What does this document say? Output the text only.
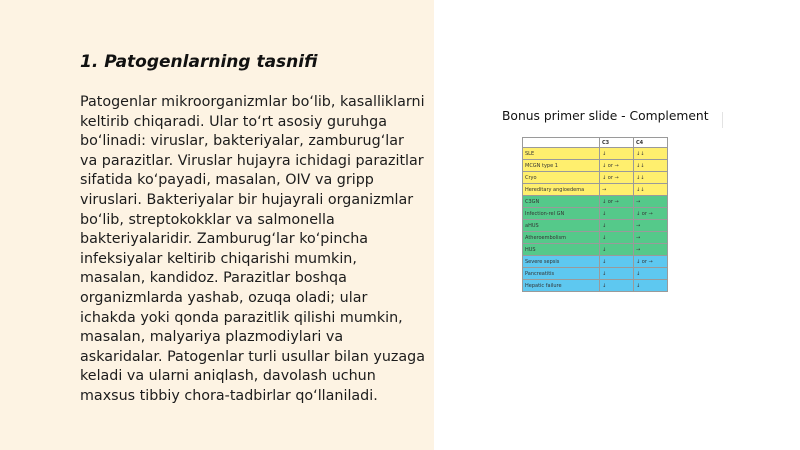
1. Patogenlarning tasnifi

Patogenlar mikroorganizmlar bo‘lib, kasalliklarni keltirib chiqaradi. Ular to‘rt asosiy guruhga bo‘linadi: viruslar, bakteriyalar, zamburug‘lar va parazitlar. Viruslar hujayra ichidagi parazitlar sifatida ko‘payadi, masalan, OIV va gripp viruslari. Bakteriyalar bir hujayrali organizmlar bo‘lib, streptokokklar va salmonella bakteriyalaridir. Zamburug‘lar ko‘pincha infeksiyalar keltirib chiqarishi mumkin, masalan, kandidoz. Parazitlar boshqa organizmlarda yashab, ozuqa oladi; ular ichakda yoki qonda parazitlik qilishi mumkin, masalan, malyariya plazmodiylari va askaridalar. Patogenlar turli usullar bilan yuzaga keladi va ularni aniqlash, davolash uchun maxsus tibbiy chora-tadbirlar qo‘llaniladi.

Bonus primer slide - Complement
	C3	C4
SLE	↓	↓↓
MCGN type 1	↓ or →	↓↓
Cryo	↓ or →	↓↓
Hereditary angioedema	→	↓↓
C3GN	↓ or →	→
Infection-rel GN	↓	↓ or →
aHUS	↓	→
Atheroembolism	↓	→
HUS	↓	→
Severe sepsis	↓	↓ or →
Pancreatitis	↓	↓
Hepatic failure	↓	↓
